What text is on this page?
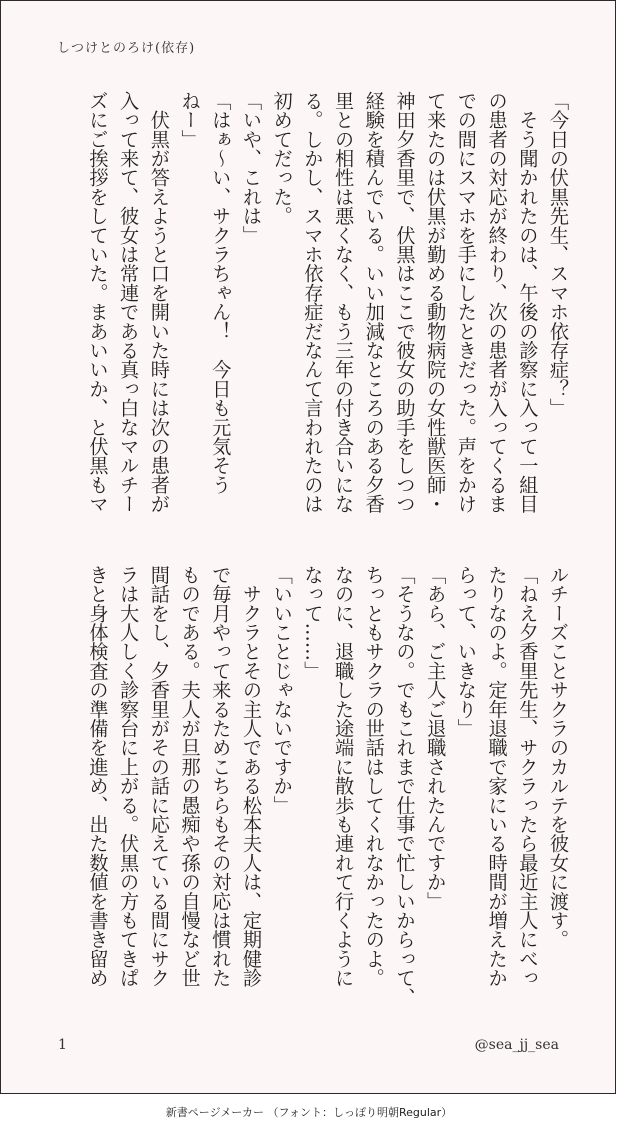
しつけとのろけ(依存)
「今日の伏黒先生、スマホ依存症？」
　そう聞かれたのは、午後の診察に入って一組目
の患者の対応が終わり、次の患者が入ってくるま
での間にスマホを手にしたときだった。声をかけ
て来たのは伏黒が勤める動物病院の女性獣医師・
神田夕香里で、伏黒はここで彼女の助手をしつつ
経験を積んでいる。いい加減なところのある夕香
里との相性は悪くなく、もう三年の付き合いにな
る。しかし、スマホ依存症だなんて言われたのは
初めてだった。
「いや、これは」
「はぁ～い、サクラちゃん！　今日も元気そう
ねー」
　伏黒が答えようと口を開いた時には次の患者が
入って来て、彼女は常連である真っ白なマルチー
ズにご挨拶をしていた。まあいいか、と伏黒もマ
ルチーズことサクラのカルテを彼女に渡す。
「ねえ夕香里先生、サクラったら最近主人にべっ
たりなのよ。定年退職で家にいる時間が増えたか
らって、いきなり」
「あら、ご主人ご退職されたんですか」
「そうなの。でもこれまで仕事で忙しいからって、
ちっともサクラの世話はしてくれなかったのよ。
なのに、退職した途端に散歩も連れて行くように
なって……」
「いいことじゃないですか」
　サクラとその主人である松本夫人は、定期健診
で毎月やって来るためこちらもその対応は慣れた
ものである。夫人が旦那の愚痴や孫の自慢など世
間話をし、夕香里がその話に応えている間にサク
ラは大人しく診察台に上がる。伏黒の方もてきぱ
きと身体検査の準備を進め、出た数値を書き留め
1	@sea_jj_sea
新書ページメーカー （フォント：しっぽり明朝Regular）
